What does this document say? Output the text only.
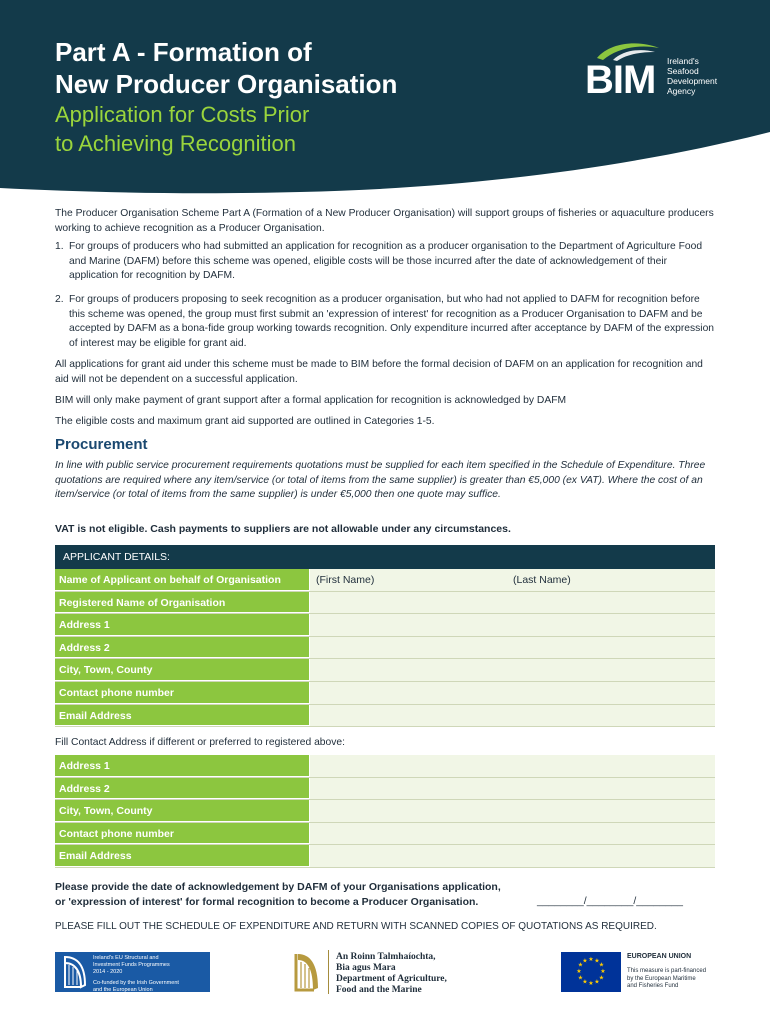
Part A - Formation of
New Producer Organisation
Application for Costs Prior
to Achieving Recognition
BIM Ireland's
Seafood
Development
Agency

The Producer Organisation Scheme Part A (Formation of a New Producer Organisation) will support groups of fisheries or aquaculture producers working to achieve recognition as a Producer Organisation.

1. For groups of producers who had submitted an application for recognition as a producer organisation to the Department of Agriculture Food and Marine (DAFM) before this scheme was opened, eligible costs will be those incurred after the date of acknowledgement of their application for recognition by DAFM.
2. For groups of producers proposing to seek recognition as a producer organisation, but who had not applied to DAFM for recognition before this scheme was opened, the group must first submit an 'expression of interest' for recognition as a Producer Organisation to DAFM and be accepted by DAFM as a bona-fide group working towards recognition. Only expenditure incurred after acceptance by DAFM of the expression of interest may be eligible for grant aid.

All applications for grant aid under this scheme must be made to BIM before the formal decision of DAFM on an application for recognition and aid will not be dependent on a successful application.

BIM will only make payment of grant support after a formal application for recognition is acknowledged by DAFM

The eligible costs and maximum grant aid supported are outlined in Categories 1-5.

Procurement

In line with public service procurement requirements quotations must be supplied for each item specified in the Schedule of Expenditure. Three quotations are required where any item/service (or total of items from the same supplier) is greater than €5,000 (ex VAT). Where the cost of an item/service (or total of items from the same supplier) is under €5,000 then one quote may suffice.

VAT is not eligible. Cash payments to suppliers are not allowable under any circumstances.

APPLICANT DETAILS:
Name of Applicant on behalf of Organisation	(First Name)	(Last Name)
Registered Name of Organisation
Address 1
Address 2
City, Town, County
Contact phone number
Email Address

Fill Contact Address if different or preferred to registered above:

Address 1
Address 2
City, Town, County
Contact phone number
Email Address
Please provide the date of acknowledgement by DAFM of your Organisations application,
or 'expression of interest' for formal recognition to become a Producer Organisation.	________/________/________

PLEASE FILL OUT THE SCHEDULE OF EXPENDITURE AND RETURN WITH SCANNED COPIES OF QUOTATIONS AS REQUIRED.

Ireland's EU Structural and
Investment Funds Programmes
2014 - 2020
Co-funded by the Irish Government
and the European Union
An Roinn Talmhaíochta,
Bia agus Mara
Department of Agriculture,
Food and the Marine
★ ★
★
★
★
★
★
★
★
★
★
★
EUROPEAN UNION
This measure is part-financed
by the European Maritime
and Fisheries Fund
